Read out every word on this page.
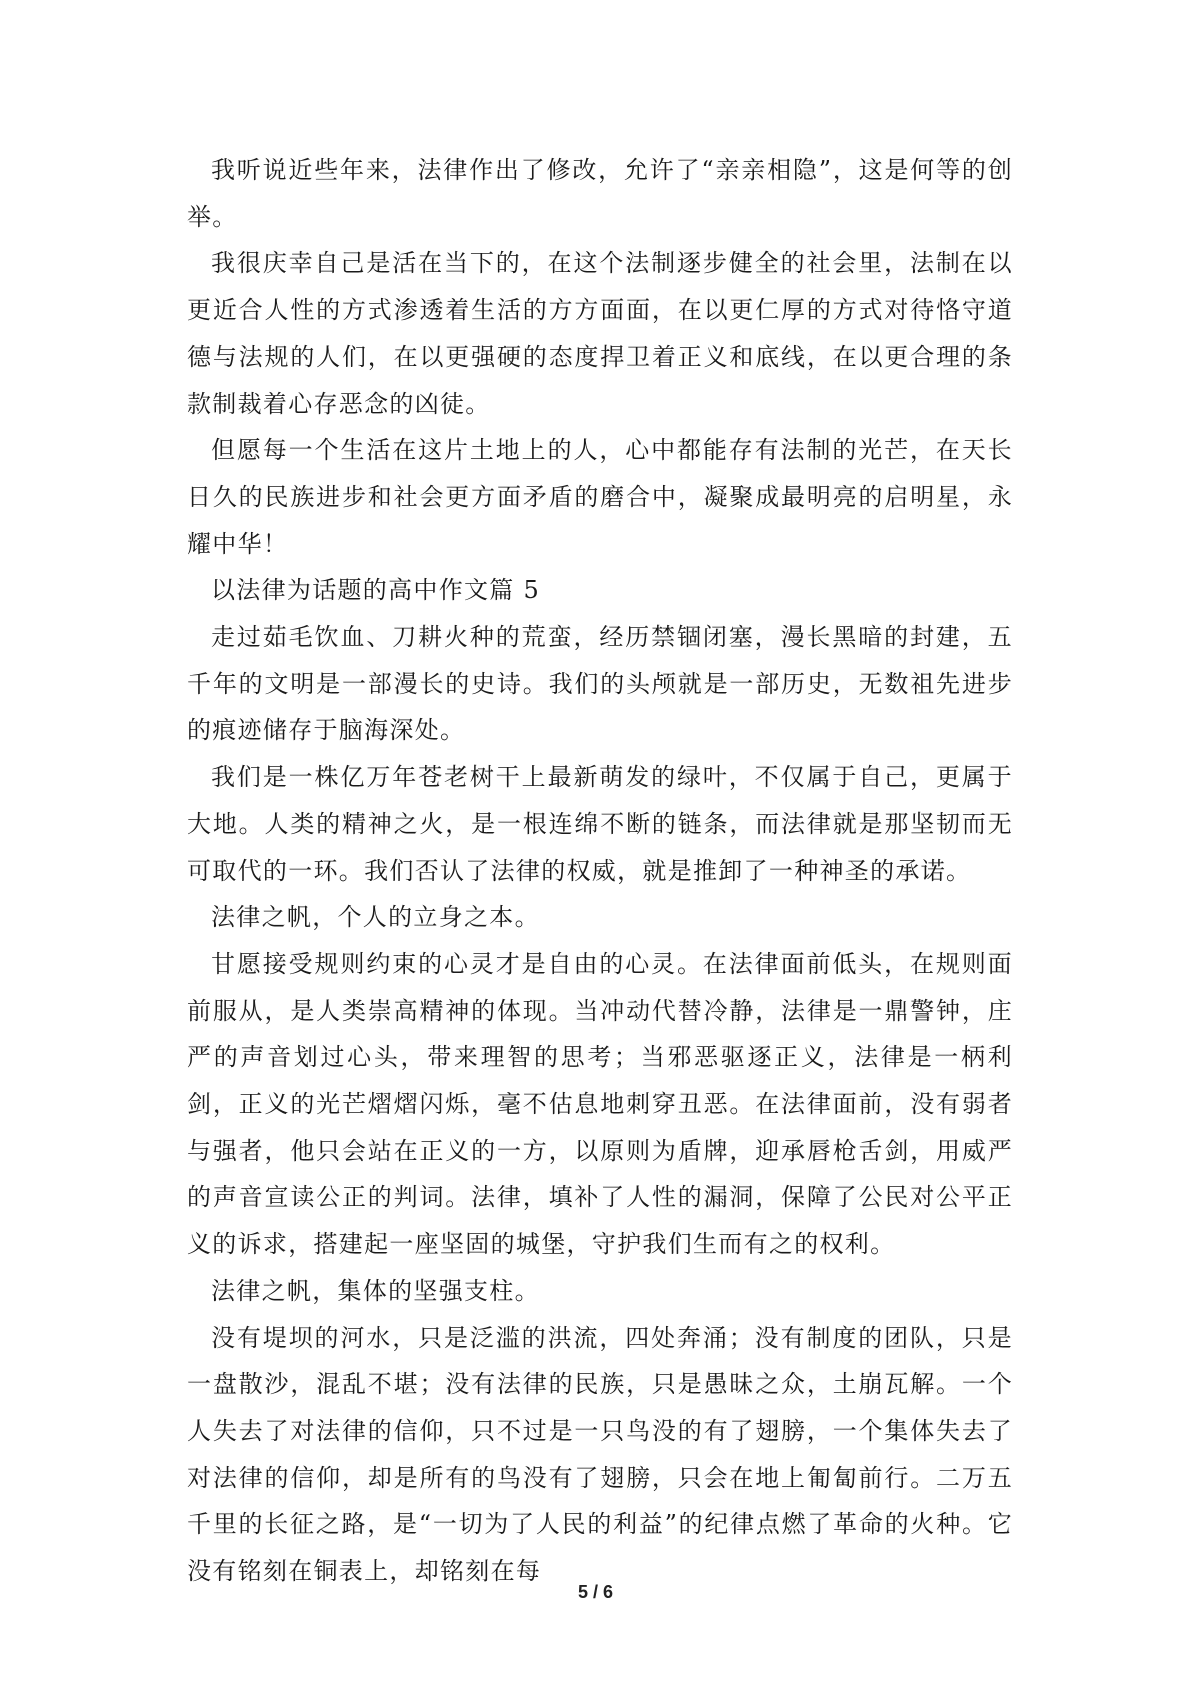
我听说近些年来，法律作出了修改，允许了“亲亲相隐”，这是何等的创举。

我很庆幸自己是活在当下的，在这个法制逐步健全的社会里，法制在以更近合人性的方式渗透着生活的方方面面，在以更仁厚的方式对待恪守道德与法规的人们，在以更强硬的态度捍卫着正义和底线，在以更合理的条款制裁着心存恶念的凶徒。

但愿每一个生活在这片土地上的人，心中都能存有法制的光芒，在天长日久的民族进步和社会更方面矛盾的磨合中，凝聚成最明亮的启明星，永耀中华！

以法律为话题的高中作文篇 5

走过茹毛饮血、刀耕火种的荒蛮，经历禁锢闭塞，漫长黑暗的封建，五千年的文明是一部漫长的史诗。我们的头颅就是一部历史，无数祖先进步的痕迹储存于脑海深处。

我们是一株亿万年苍老树干上最新萌发的绿叶，不仅属于自己，更属于大地。人类的精神之火，是一根连绵不断的链条，而法律就是那坚韧而无可取代的一环。我们否认了法律的权威，就是推卸了一种神圣的承诺。

法律之帆，个人的立身之本。

甘愿接受规则约束的心灵才是自由的心灵。在法律面前低头，在规则面前服从，是人类崇高精神的体现。当冲动代替冷静，法律是一鼎警钟，庄严的声音划过心头，带来理智的思考；当邪恶驱逐正义，法律是一柄利剑，正义的光芒熠熠闪烁，毫不估息地刺穿丑恶。在法律面前，没有弱者与强者，他只会站在正义的一方，以原则为盾牌，迎承唇枪舌剑，用威严的声音宣读公正的判词。法律，填补了人性的漏洞，保障了公民对公平正义的诉求，搭建起一座坚固的城堡，守护我们生而有之的权利。

法律之帆，集体的坚强支柱。

没有堤坝的河水，只是泛滥的洪流，四处奔涌；没有制度的团队，只是一盘散沙，混乱不堪；没有法律的民族，只是愚昧之众，土崩瓦解。一个人失去了对法律的信仰，只不过是一只鸟没的有了翅膀，一个集体失去了对法律的信仰，却是所有的鸟没有了翅膀，只会在地上匍匐前行。二万五千里的长征之路，是“一切为了人民的利益”的纪律点燃了革命的火种。它没有铭刻在铜表上，却铭刻在每

5 / 6
